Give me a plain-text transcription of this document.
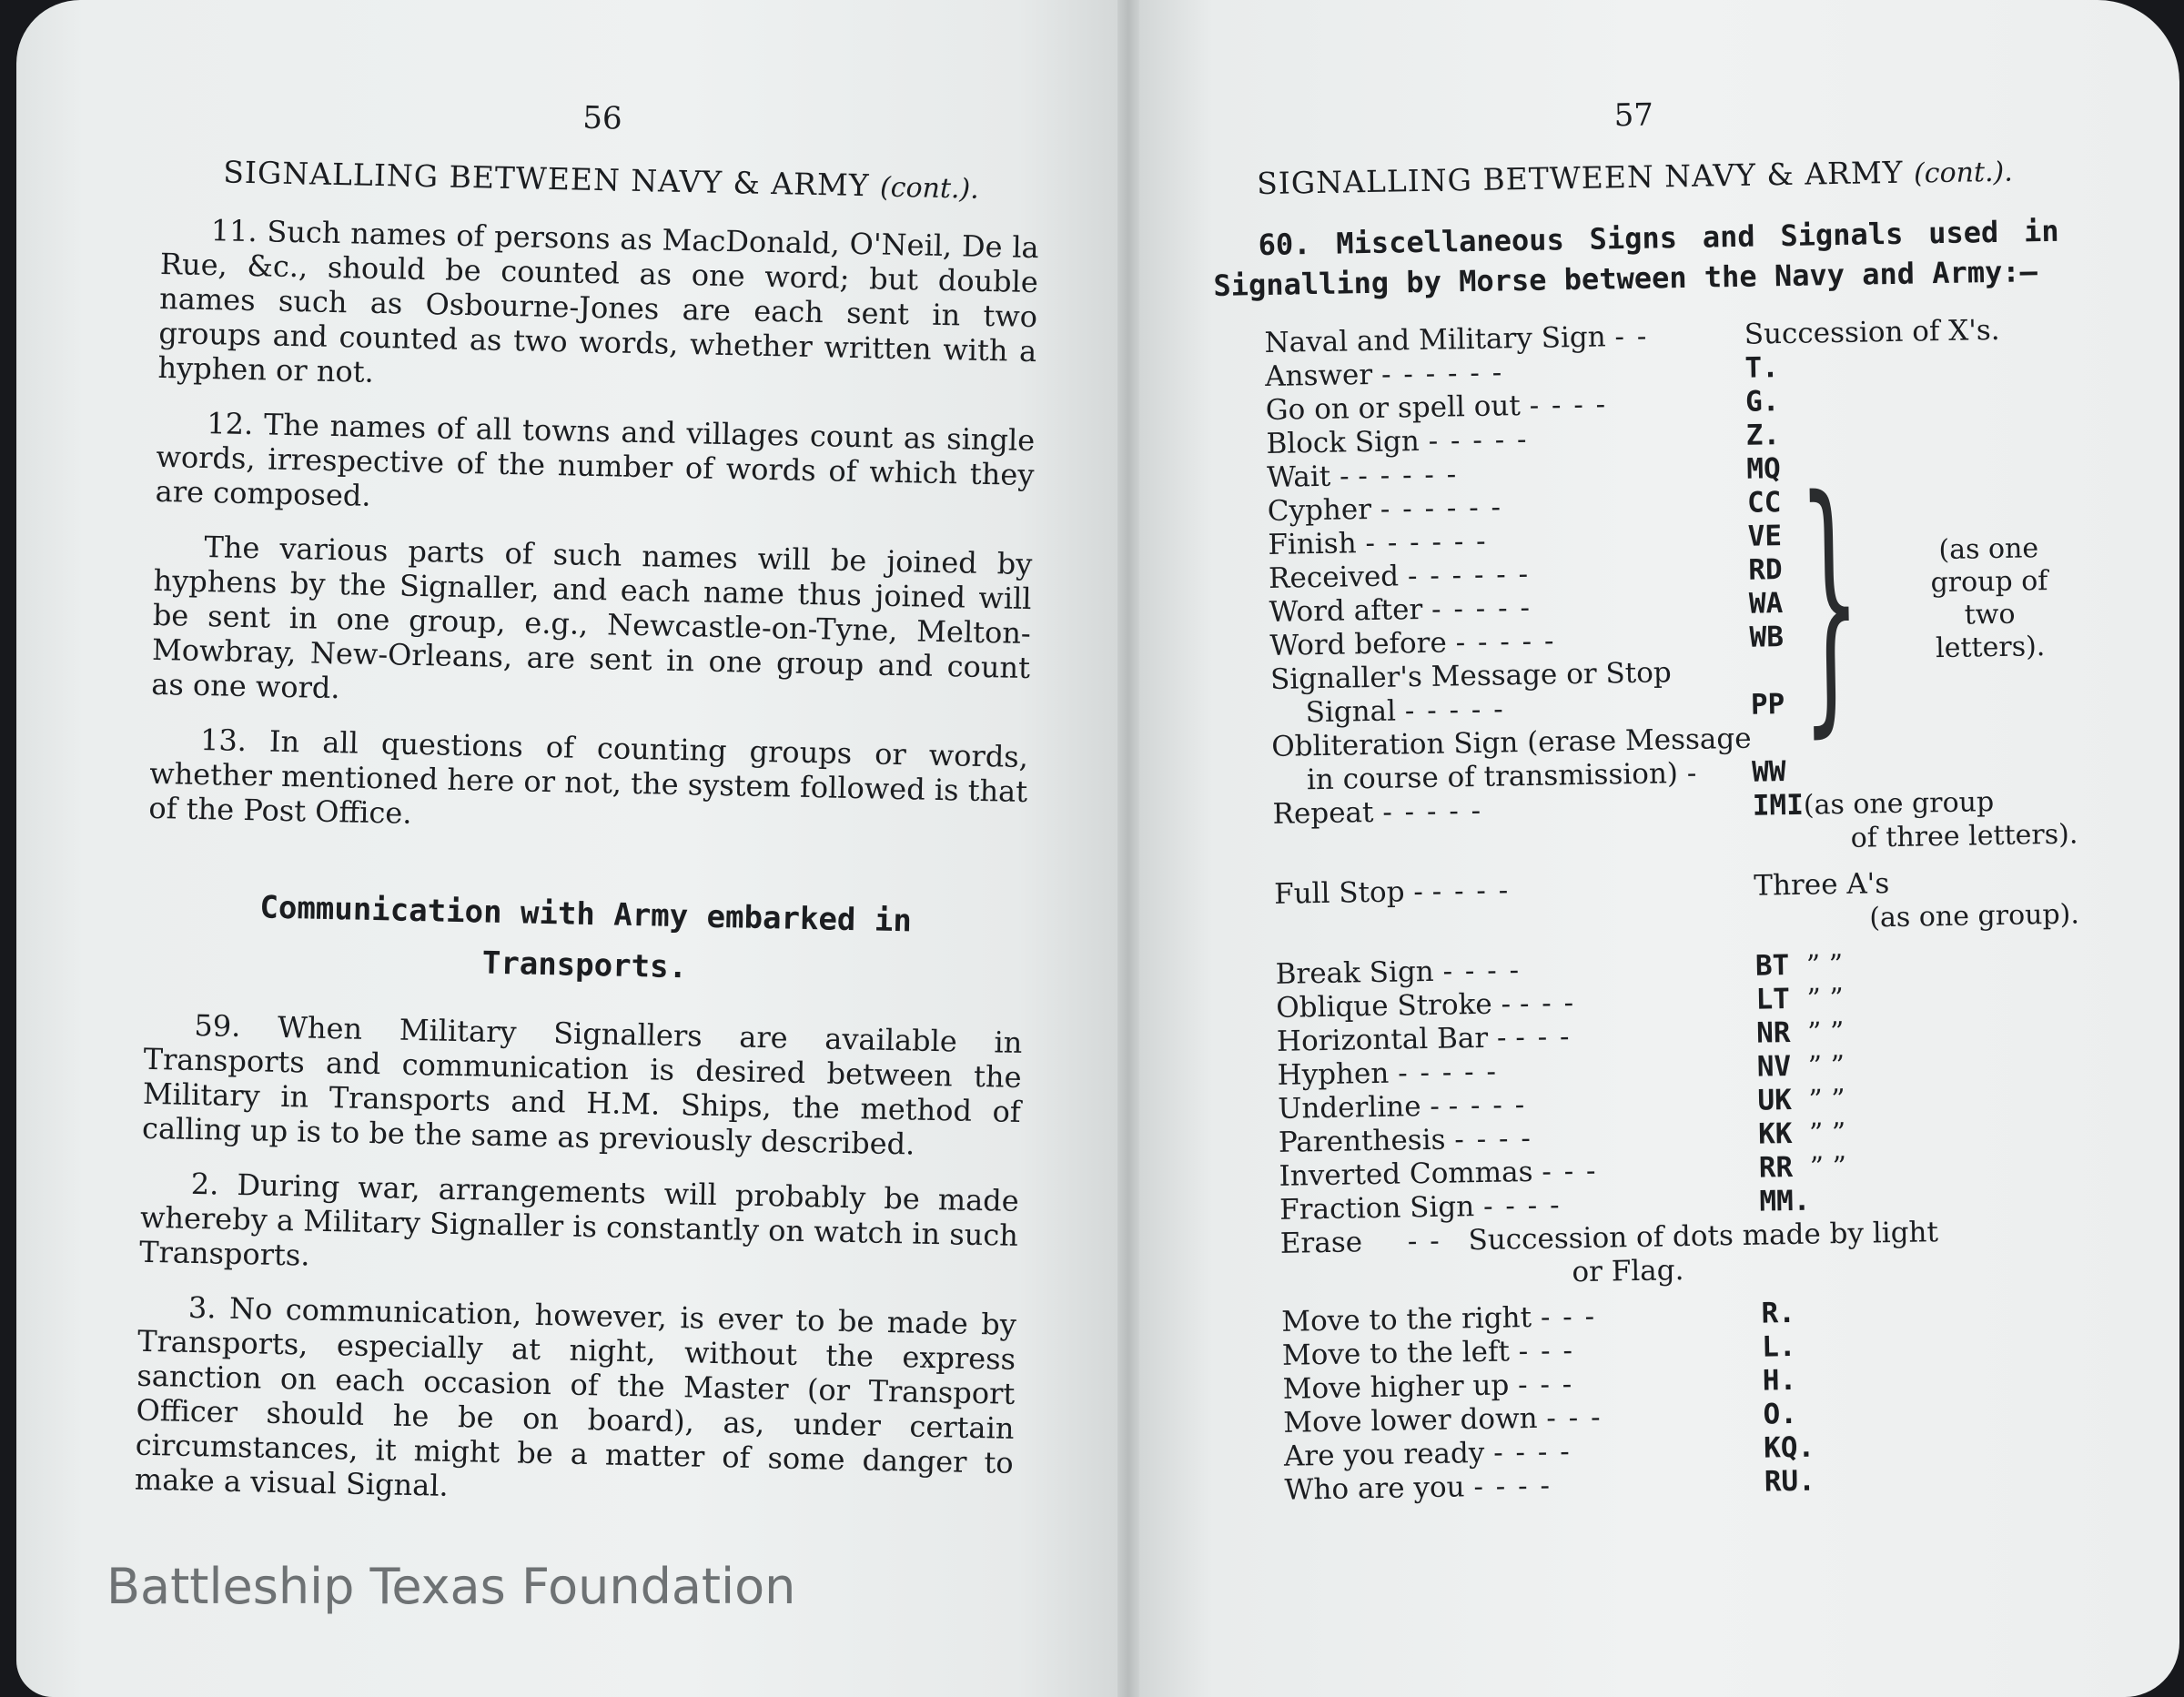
56
SIGNALLING BETWEEN NAVY & ARMY (cont.).

11. Such names of persons as MacDonald, O'Neil, De la Rue, &c., should be counted as one word; but double names such as Osbourne-Jones are each sent in two groups and counted as two words, whether written with a hyphen or not.

12. The names of all towns and villages count as single words, irrespective of the number of words of which they are composed.

The various parts of such names will be joined by hyphens by the Signaller, and each name thus joined will be sent in one group, e.g., Newcastle-on-Tyne, Melton-Mowbray, New-Orleans, are sent in one group and count as one word.

13. In all questions of counting groups or words, whether mentioned here or not, the system followed is that of the Post Office.

Communication with Army embarked in
Transports.

59. When Military Signallers are available in Transports and communication is desired between the Military in Transports and H.M. Ships, the method of calling up is to be the same as previously described.

2. During war, arrangements will probably be made whereby a Military Signaller is constantly on watch in such Transports.

3. No communication, however, is ever to be made by Transports, especially at night, without the express sanction on each occasion of the Master (or Transport Officer should he be on board), as, under certain circumstances, it might be a matter of some danger to make a visual Signal.

57
SIGNALLING BETWEEN NAVY & ARMY (cont.).

60. Miscellaneous Signs and Signals used in Signalling by Morse between the Navy and Army:—

Naval and Military Sign - -	Succession of X's.	
Answer - - - - - -	T.	
Go on or spell out - - - -	G.	
Block Sign - - - - -	Z.	
Wait - - - - - -	MQ	} (as one group of two letters).

Cypher - - - - - -	CC	
Finish - - - - - -	VE	
Received - - - - - -	RD	
Word after - - - - -	WA	
Word before - - - - -	WB	
Signaller's Message or Stop		
Signal - - - - -	PP	
Obliteration Sign (erase Message		
in course of transmission) -	WW	
Repeat - - - - -	IMI	(as one group
of three letters).		

Full Stop - - - - -	Three A's	
(as one group).		

Break Sign - - - -	BT	” ”
Oblique Stroke - - - -	LT	” ”
Horizontal Bar - - - -	NR	” ”
Hyphen - - - - -	NV	” ”
Underline - - - - -	UK	” ”
Parenthesis - - - -	KK	” ”
Inverted Commas - - -	RR	” ”
Fraction Sign - - - -	MM.	
Erase - - Succession of dots made by light		
or Flag.		

Move to the right - - -	R.	
Move to the left - - -	L.	
Move higher up - - -	H.	
Move lower down - - -	O.	
Are you ready - - - -	KQ.	
Who are you - - - -	RU.	
Battleship Texas Foundation
